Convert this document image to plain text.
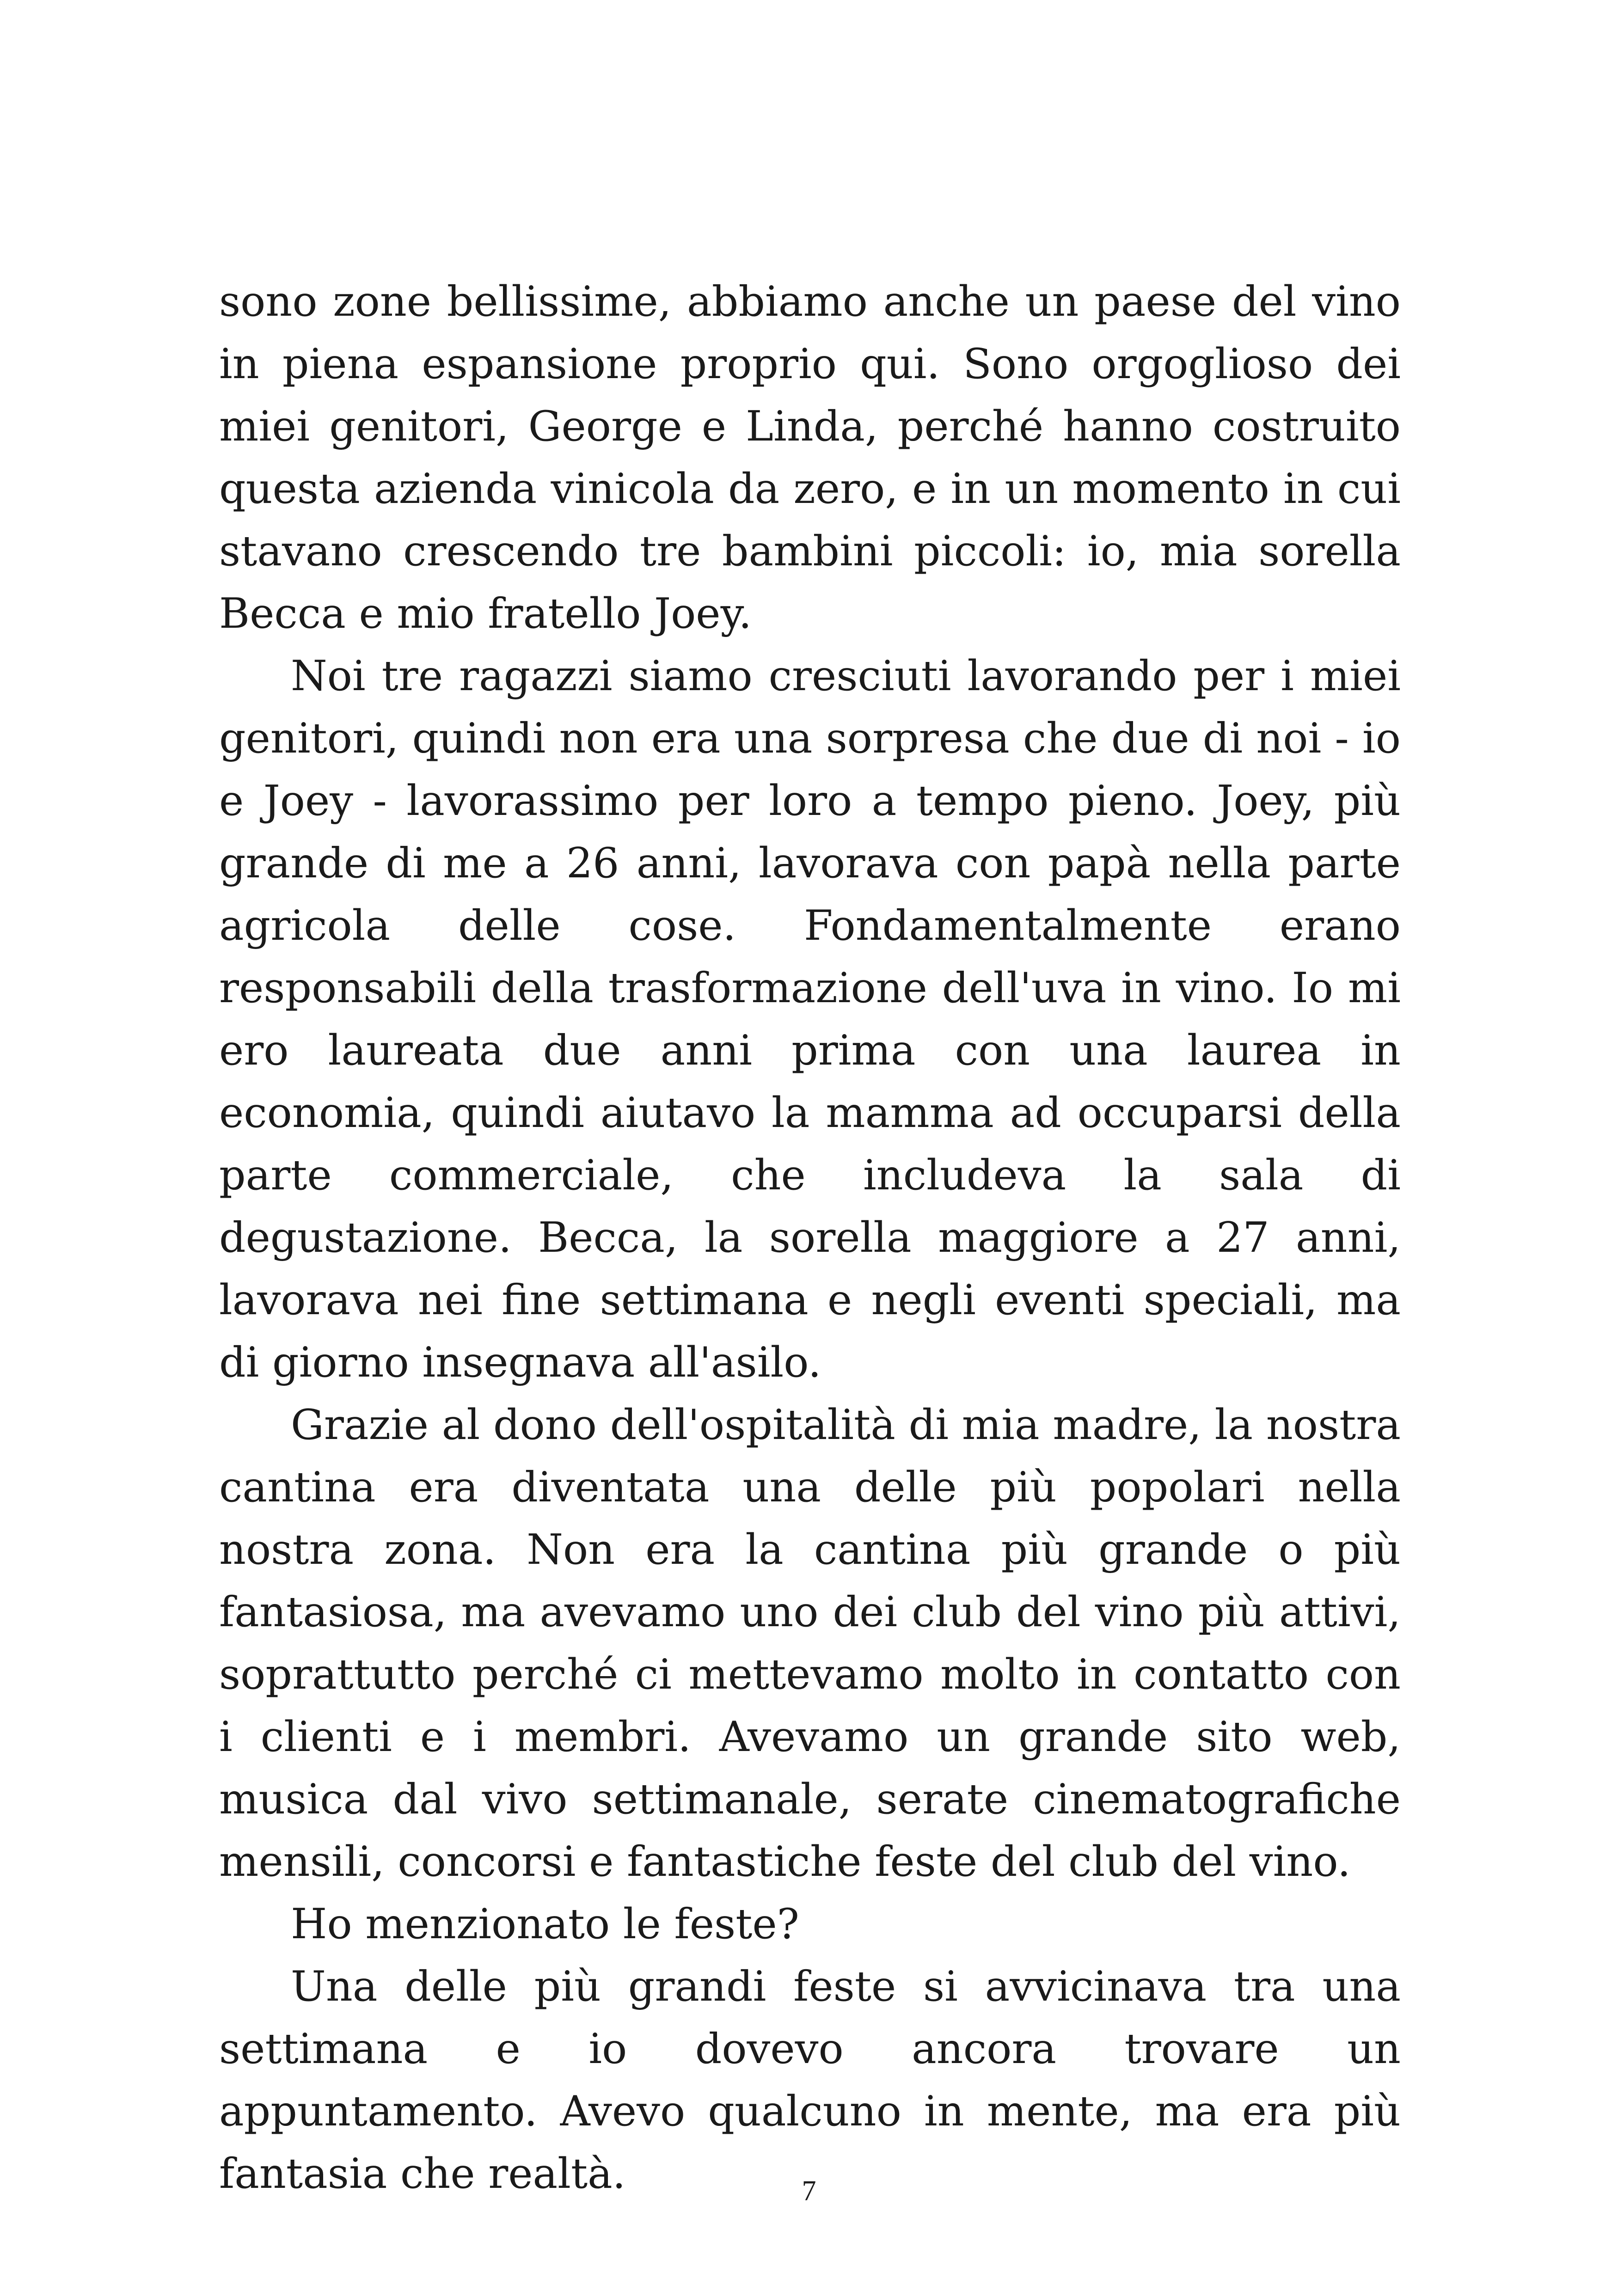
sono zone bellissime, abbiamo anche un paese del vino in piena espansione proprio qui. Sono orgoglioso dei miei genitori, George e Linda, perché hanno costruito questa azienda vinicola da zero, e in un momento in cui stavano crescendo tre bambini piccoli: io, mia sorella Becca e mio fratello Joey.

Noi tre ragazzi siamo cresciuti lavorando per i miei genitori, quindi non era una sorpresa che due di noi - io e Joey - lavorassimo per loro a tempo pieno. Joey, più grande di me a 26 anni, lavorava con papà nella parte agricola delle cose. Fondamentalmente erano responsabili della trasformazione dell'uva in vino. Io mi ero laureata due anni prima con una laurea in economia, quindi aiutavo la mamma ad occuparsi della parte commerciale, che includeva la sala di degustazione. Becca, la sorella maggiore a 27 anni, lavorava nei fine settimana e negli eventi speciali, ma di giorno insegnava all'asilo.

Grazie al dono dell'ospitalità di mia madre, la nostra cantina era diventata una delle più popolari nella nostra zona. Non era la cantina più grande o più fantasiosa, ma avevamo uno dei club del vino più attivi, soprattutto perché ci mettevamo molto in contatto con i clienti e i membri. Avevamo un grande sito web, musica dal vivo settimanale, serate cinematografiche mensili, concorsi e fantastiche feste del club del vino.

Ho menzionato le feste?

Una delle più grandi feste si avvicinava tra una settimana e io dovevo ancora trovare un appuntamento. Avevo qualcuno in mente, ma era più fantasia che realtà.	7
